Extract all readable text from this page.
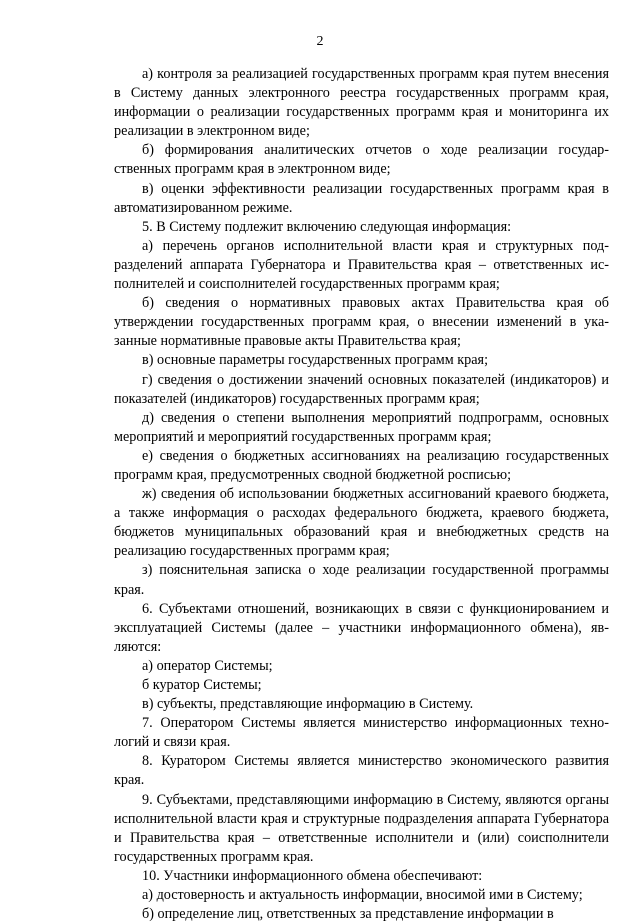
2

а) контроля за реализацией государственных программ края путем внесения в Систему данных электронного реестра государственных программ края, информации о реализации государственных программ края и мониторинга их реализации в электронном виде;

б) формирования аналитических отчетов о ходе реализации государственных программ края в электронном виде;

в) оценки эффективности реализации государственных программ края в автоматизированном режиме.

5. В Систему подлежит включению следующая информация:

а) перечень органов исполнительной власти края и структурных подразделений аппарата Губернатора и Правительства края – ответственных исполнителей и соисполнителей государственных программ края;

б) сведения о нормативных правовых актах Правительства края об утверждении государственных программ края, о внесении изменений в указанные нормативные правовые акты Правительства края;

в) основные параметры государственных программ края;

г) сведения о достижении значений основных показателей (индикаторов) и показателей (индикаторов) государственных программ края;

д) сведения о степени выполнения мероприятий подпрограмм, основных мероприятий и мероприятий государственных программ края;

е) сведения о бюджетных ассигнованиях на реализацию государственных программ края, предусмотренных сводной бюджетной росписью;

ж) сведения об использовании бюджетных ассигнований краевого бюджета, а также информация о расходах федерального бюджета, краевого бюджета, бюджетов муниципальных образований края и внебюджетных средств на реализацию государственных программ края;

з) пояснительная записка о ходе реализации государственной программы края.

6. Субъектами отношений, возникающих в связи с функционированием и эксплуатацией Системы (далее – участники информационного обмена), являются:

а) оператор Системы;

б куратор Системы;

в) субъекты, представляющие информацию в Систему.

7. Оператором Системы является министерство информационных технологий и связи края.

8. Куратором Системы является министерство экономического развития края.

9. Субъектами, представляющими информацию в Систему, являются органы исполнительной власти края и структурные подразделения аппарата Губернатора и Правительства края – ответственные исполнители и (или) соисполнители государственных программ края.

10. Участники информационного обмена обеспечивают:

а) достоверность и актуальность информации, вносимой ими в Систему;

б) определение лиц, ответственных за представление информации в
